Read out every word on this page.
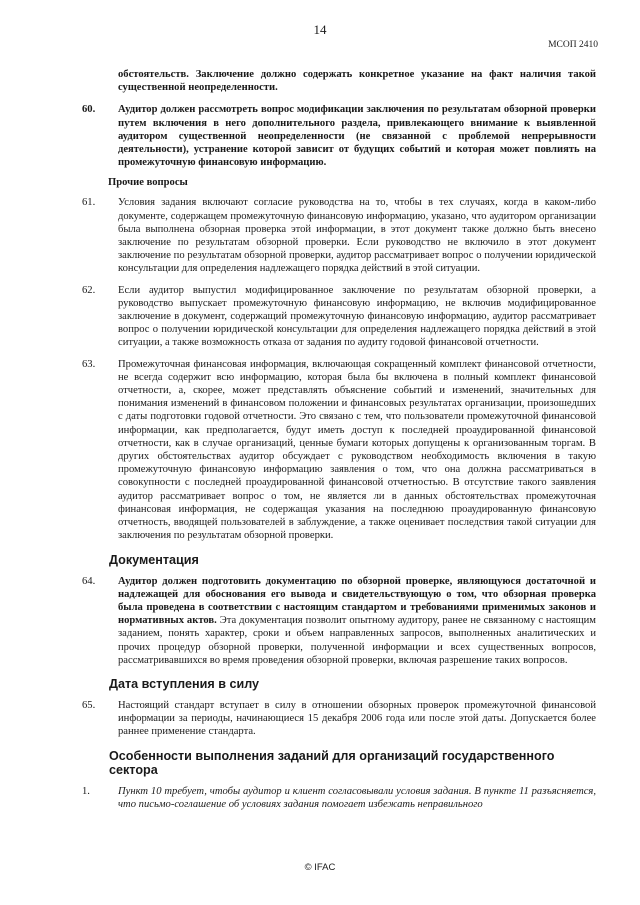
14
МСОП 2410

обстоятельств. Заключение должно содержать конкретное указание на факт наличия такой существенной неопределенности.

60. Аудитор должен рассмотреть вопрос модификации заключения по результатам обзорной проверки путем включения в него дополнительного раздела, привлекающего внимание к выявленной аудитором существенной неопределенности (не связанной с проблемой непрерывности деятельности), устранение которой зависит от будущих событий и которая может повлиять на промежуточную финансовую информацию.
Прочие вопросы
61. Условия задания включают согласие руководства на то, чтобы в тех случаях, когда в каком-либо документе, содержащем промежуточную финансовую информацию, указано, что аудитором организации была выполнена обзорная проверка этой информации, в этот документ также должно быть внесено заключение по результатам обзорной проверки. Если руководство не включило в этот документ заключение по результатам обзорной проверки, аудитор рассматривает вопрос о получении юридической консультации для определения надлежащего порядка действий в этой ситуации.
62. Если аудитор выпустил модифицированное заключение по результатам обзорной проверки, а руководство выпускает промежуточную финансовую информацию, не включив модифицированное заключение в документ, содержащий промежуточную финансовую информацию, аудитор рассматривает вопрос о получении юридической консультации для определения надлежащего порядка действий в этой ситуации, а также возможность отказа от задания по аудиту годовой финансовой отчетности.
63. Промежуточная финансовая информация, включающая сокращенный комплект финансовой отчетности, не всегда содержит всю информацию, которая была бы включена в полный комплект финансовой отчетности, а, скорее, может представлять объяснение событий и изменений, значительных для понимания изменений в финансовом положении и финансовых результатах организации, произошедших с даты подготовки годовой отчетности. Это связано с тем, что пользователи промежуточной финансовой информации, как предполагается, будут иметь доступ к последней проаудированной финансовой отчетности, как в случае организаций, ценные бумаги которых допущены к организованным торгам. В других обстоятельствах аудитор обсуждает с руководством необходимость включения в такую промежуточную финансовую информацию заявления о том, что она должна рассматриваться в совокупности с последней проаудированной финансовой отчетностью. В отсутствие такого заявления аудитор рассматривает вопрос о том, не является ли в данных обстоятельствах промежуточная финансовая информация, не содержащая указания на последнюю проаудированную финансовую отчетность, вводящей пользователей в заблуждение, а также оценивает последствия такой ситуации для заключения по результатам обзорной проверки.
Документация
64. Аудитор должен подготовить документацию по обзорной проверке, являющуюся достаточной и надлежащей для обоснования его вывода и свидетельствующую о том, что обзорная проверка была проведена в соответствии с настоящим стандартом и требованиями применимых законов и нормативных актов. Эта документация позволит опытному аудитору, ранее не связанному с настоящим заданием, понять характер, сроки и объем направленных запросов, выполненных аналитических и прочих процедур обзорной проверки, полученной информации и всех существенных вопросов, рассматривавшихся во время проведения обзорной проверки, включая разрешение таких вопросов.
Дата вступления в силу
65. Настоящий стандарт вступает в силу в отношении обзорных проверок промежуточной финансовой информации за периоды, начинающиеся 15 декабря 2006 года или после этой даты. Допускается более раннее применение стандарта.
Особенности выполнения заданий для организаций государственного сектора
1.	Пункт 10 требует, чтобы аудитор и клиент согласовывали условия задания. В пункте 11 разъясняется, что письмо-соглашение об условиях задания помогает избежать неправильного
© IFAC
